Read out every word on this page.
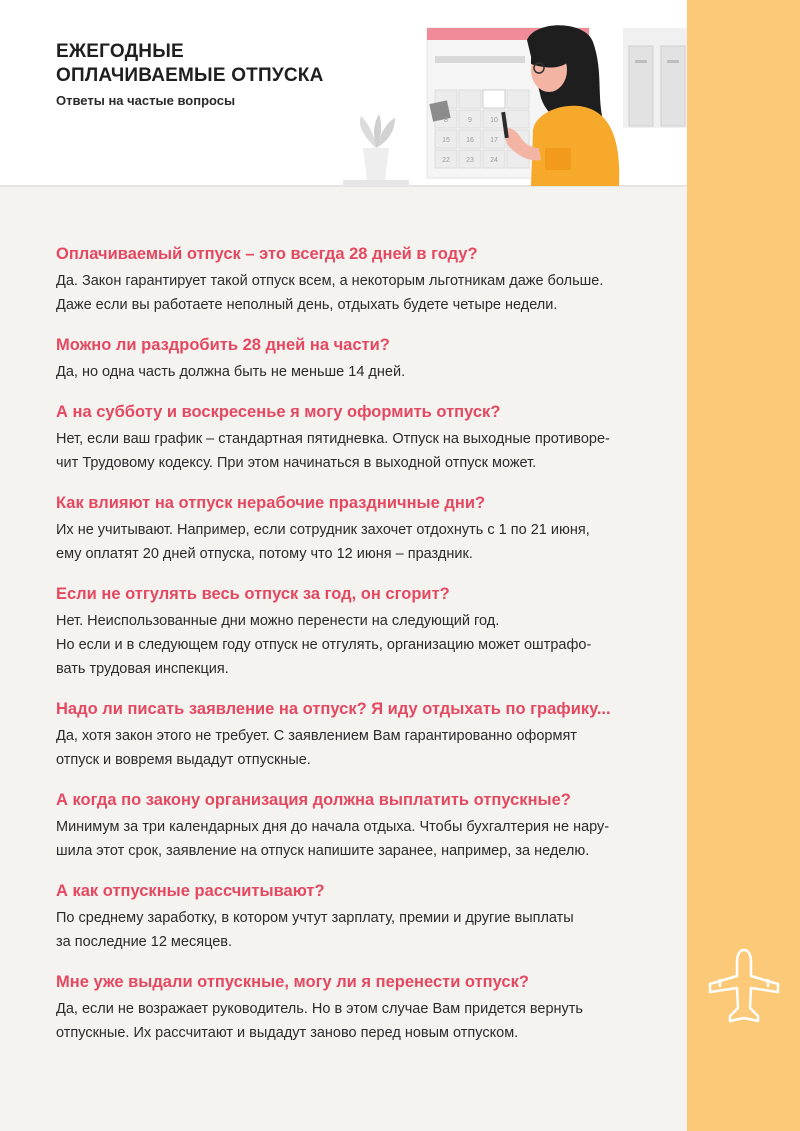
ЕЖЕГОДНЫЕ
ОПЛАЧИВАЕМЫЕ ОТПУСКА
Ответы на частые вопросы
8	9	10
15 16 17
22 23 24
Оплачиваемый отпуск – это всегда 28 дней в году?
Да. Закон гарантирует такой отпуск всем, а некоторым льготникам даже больше.
Даже если вы работаете неполный день, отдыхать будете четыре недели.
Можно ли раздробить 28 дней на части?
Да, но одна часть должна быть не меньше 14 дней.
А на субботу и воскресенье я могу оформить отпуск?
Нет, если ваш график – стандартная пятидневка. Отпуск на выходные противоре-
чит Трудовому кодексу. При этом начинаться в выходной отпуск может.
Как влияют на отпуск нерабочие праздничные дни?
Их не учитывают. Например, если сотрудник захочет отдохнуть с 1 по 21 июня,
ему оплатят 20 дней отпуска, потому что 12 июня – праздник.
Если не отгулять весь отпуск за год, он сгорит?
Нет. Неиспользованные дни можно перенести на следующий год.
Но если и в следующем году отпуск не отгулять, организацию может оштрафо-
вать трудовая инспекция.
Надо ли писать заявление на отпуск? Я иду отдыхать по графику...
Да, хотя закон этого не требует. С заявлением Вам гарантированно оформят
отпуск и вовремя выдадут отпускные.
А когда по закону организация должна выплатить отпускные?
Минимум за три календарных дня до начала отдыха. Чтобы бухгалтерия не нару-
шила этот срок, заявление на отпуск напишите заранее, например, за неделю.
А как отпускные рассчитывают?
По среднему заработку, в котором учтут зарплату, премии и другие выплаты
за последние 12 месяцев.
Мне уже выдали отпускные, могу ли я перенести отпуск?
Да, если не возражает руководитель. Но в этом случае Вам придется вернуть
отпускные. Их рассчитают и выдадут заново перед новым отпуском.
